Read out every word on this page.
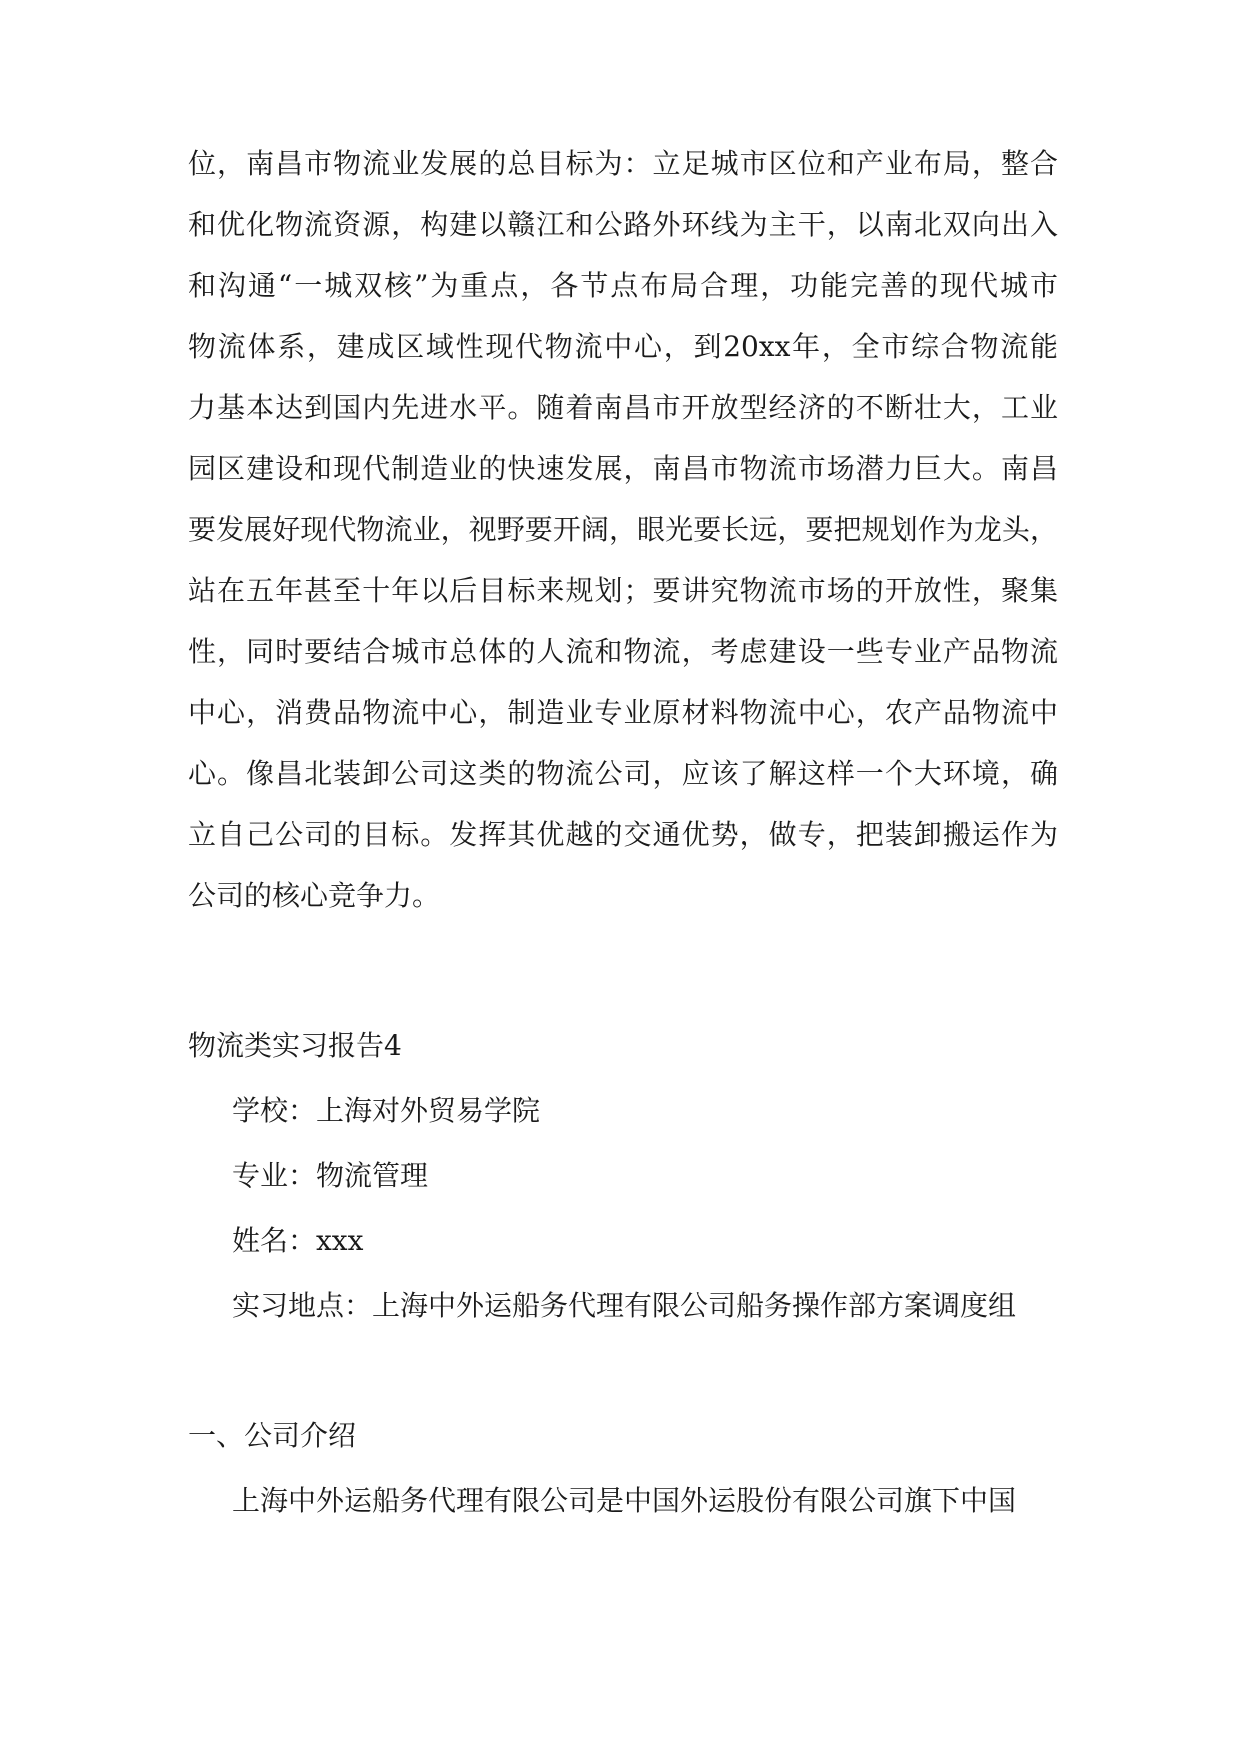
位，南昌市物流业发展的总目标为：立足城市区位和产业布局，整合
和优化物流资源，构建以赣江和公路外环线为主干，以南北双向出入
和沟通“一城双核”为重点，各节点布局合理，功能完善的现代城市
物流体系，建成区域性现代物流中心，到20xx年，全市综合物流能
力基本达到国内先进水平。随着南昌市开放型经济的不断壮大，工业
园区建设和现代制造业的快速发展，南昌市物流市场潜力巨大。南昌
要发展好现代物流业，视野要开阔，眼光要长远，要把规划作为龙头，
站在五年甚至十年以后目标来规划；要讲究物流市场的开放性，聚集
性，同时要结合城市总体的人流和物流，考虑建设一些专业产品物流
中心，消费品物流中心，制造业专业原材料物流中心，农产品物流中
心。像昌北装卸公司这类的物流公司，应该了解这样一个大环境，确
立自己公司的目标。发挥其优越的交通优势，做专，把装卸搬运作为
公司的核心竞争力。
物流类实习报告4
学校：上海对外贸易学院
专业：物流管理
姓名：xxx
实习地点：上海中外运船务代理有限公司船务操作部方案调度组
一、公司介绍
上海中外运船务代理有限公司是中国外运股份有限公司旗下中国
